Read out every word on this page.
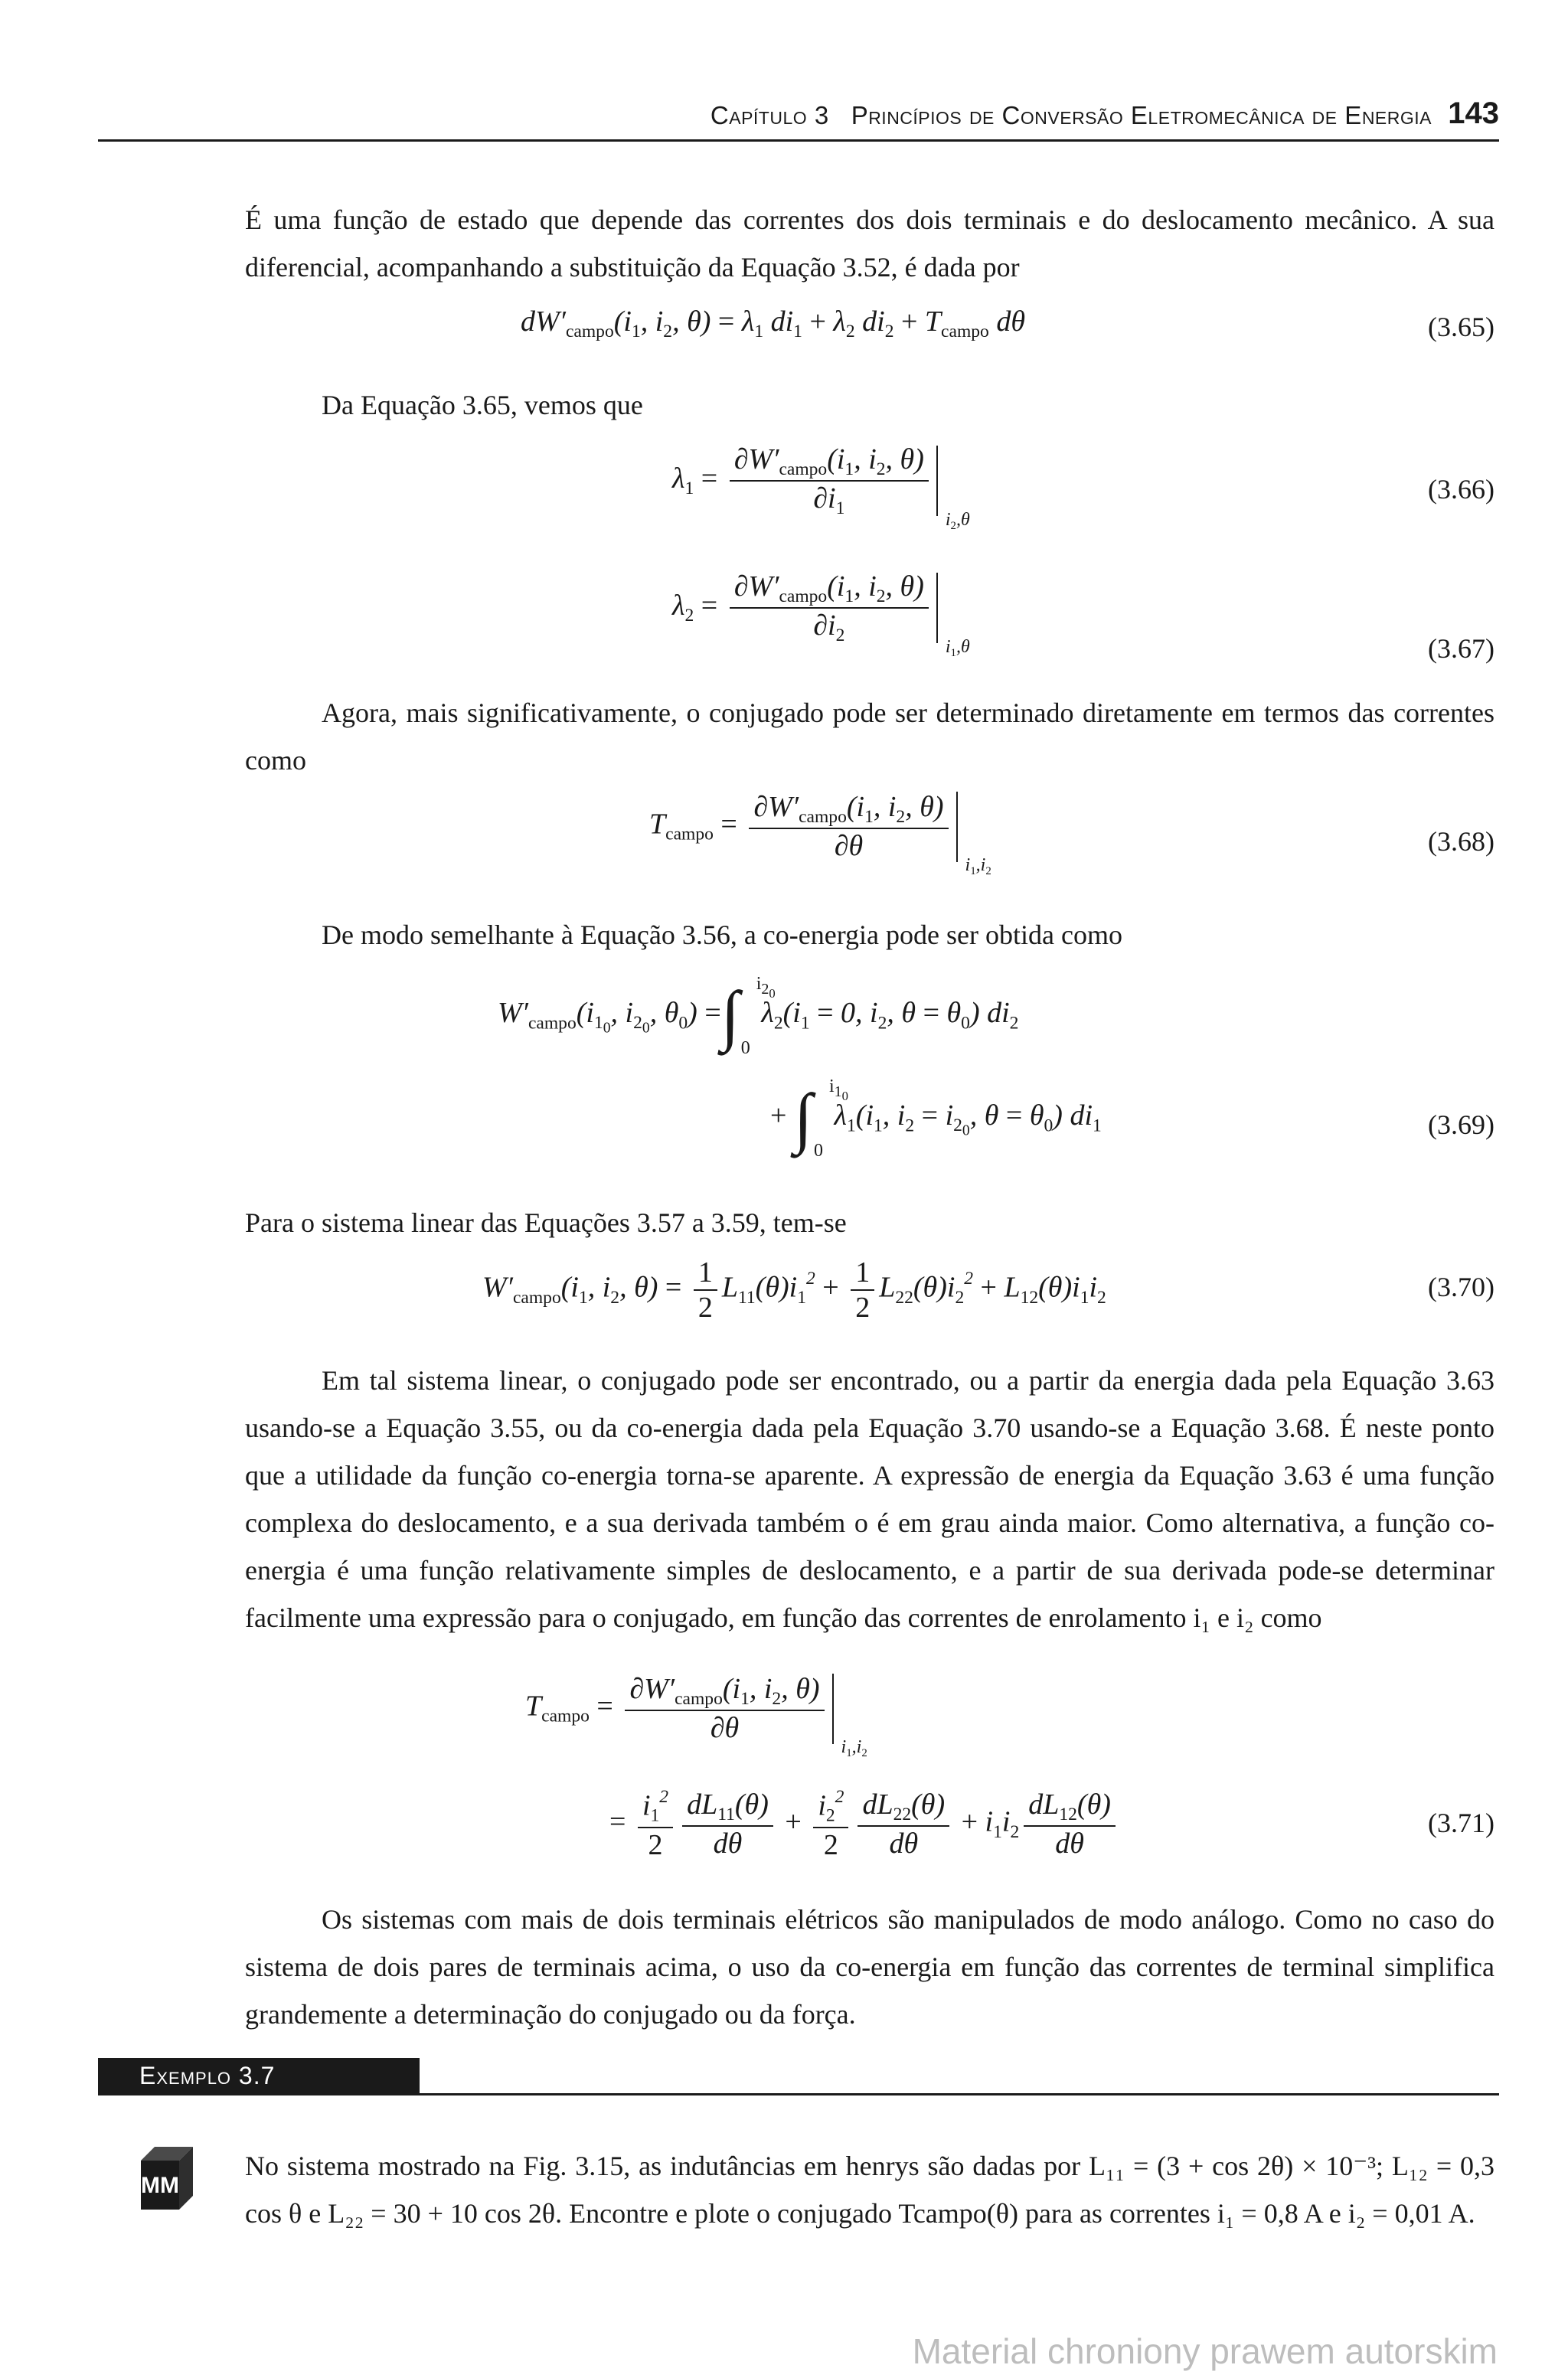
Capítulo 3 Princípios de Conversão Eletromecânica de Energia 143
É uma função de estado que depende das correntes dos dois terminais e do deslocamento mecânico. A sua diferencial, acompanhando a substituição da Equação 3.52, é dada por
$dW'_{campo}(i_1$, $i_2$, $\theta) = \lambda_1$ $di_1 + \lambda_2$ $di_2 + T_{campo}$ dθ	(3.65)
Da Equação 3.65, vemos que
$\lambda_1 = \frac{\partial W'_{campo}(i_1, i_2, \theta)}{\partial i_1}$
$i_2,\theta$
(3.66)
$\lambda_2 = \frac{\partial W'_{campo}(i_1, i_2, \theta)}{\partial i_2}$
$i_1,\theta$	(3.67)
Agora, mais significativamente, o conjugado pode ser determinado diretamente em termos das correntes como
$T_{campo} = \frac{\partial W'_{campo}(i_1, i_2, \theta)}{\partial\theta}$
$i_1,i_2$
(3.68)
De modo semelhante à Equação 3.56, a co-energia pode ser obtida como
$W'_{campo}(i_{1_0}$, $i_{2_0}$, $\theta_0$) =∫ $i_{2_0}$
0
$\lambda_2(i_1 = 0$, $i_2$, $\theta = \theta_0$) $di_2$
+ ∫ $i_{1_0}$
0
$\lambda_1(i_1$, $i_2 = i_{2_0}$, $\theta = \theta_0$) $di_1$	(3.69)
Para o sistema linear das Equações 3.57 a 3.59, tem-se
$W'_{campo}(i_1$, $i_2$, $\theta) = \frac{1}{2} L_{11}(\theta)i_1^2 + \frac{1}{2} L_{22}(\theta)i_2^2 + L_{12}(\theta)i_1i_2$	(3.70)
Em tal sistema linear, o conjugado pode ser encontrado, ou a partir da energia dada pela Equação 3.63 usando-se a Equação 3.55, ou da co-energia dada pela Equação 3.70 usando-se a Equação 3.68. É neste ponto que a utilidade da função co-energia torna-se aparente. A expressão de energia da Equação 3.63 é uma função complexa do deslocamento, e a sua derivada também o é em grau ainda maior. Como alternativa, a função co-energia é uma função relativamente simples de deslocamento, e a partir de sua derivada pode-se determinar facilmente uma expressão para o conjugado, em função das correntes de enrolamento i₁ e i₂ como
$T_{campo} = \frac{\partial W'_{campo}(i_1, i_2, \theta)}{\partial\theta}$
$i_1,i_2$
= $\frac{i_1^2}{2} \frac{dL_{11}(\theta)}{d\theta} + \frac{i_2^2}{2} \frac{dL_{22}(\theta)}{d\theta} + i_1i_2 \frac{dL_{12}(\theta)}{d\theta}$	(3.71)
Os sistemas com mais de dois terminais elétricos são manipulados de modo análogo. Como no caso do sistema de dois pares de terminais acima, o uso da co-energia em função das correntes de terminal simplifica grandemente a determinação do conjugado ou da força.
Exemplo 3.7
MM
No sistema mostrado na Fig. 3.15, as indutâncias em henrys são dadas por L₁₁ = (3 + cos 2θ) × 10⁻³; L₁₂ = 0,3 cos θ e L₂₂ = 30 + 10 cos 2θ. Encontre e plote o conjugado Tcampo(θ) para as correntes i₁ = 0,8 A e i₂ = 0,01 A.
Material chroniony prawem autorskim
